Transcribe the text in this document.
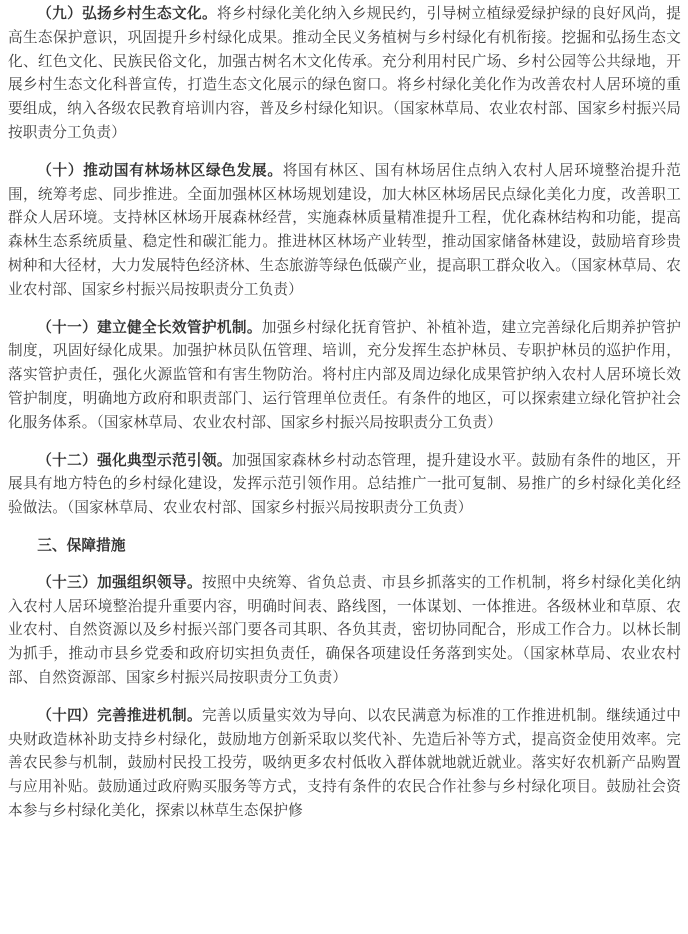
（九）弘扬乡村生态文化。将乡村绿化美化纳入乡规民约，引导树立植绿爱绿护绿的良好风尚，提高生态保护意识，巩固提升乡村绿化成果。推动全民义务植树与乡村绿化有机衔接。挖掘和弘扬生态文化、红色文化、民族民俗文化，加强古树名木文化传承。充分利用村民广场、乡村公园等公共绿地，开展乡村生态文化科普宣传，打造生态文化展示的绿色窗口。将乡村绿化美化作为改善农村人居环境的重要组成，纳入各级农民教育培训内容，普及乡村绿化知识。（国家林草局、农业农村部、国家乡村振兴局按职责分工负责）

（十）推动国有林场林区绿色发展。将国有林区、国有林场居住点纳入农村人居环境整治提升范围，统筹考虑、同步推进。全面加强林区林场规划建设，加大林区林场居民点绿化美化力度，改善职工群众人居环境。支持林区林场开展森林经营，实施森林质量精准提升工程，优化森林结构和功能，提高森林生态系统质量、稳定性和碳汇能力。推进林区林场产业转型，推动国家储备林建设，鼓励培育珍贵树种和大径材，大力发展特色经济林、生态旅游等绿色低碳产业，提高职工群众收入。（国家林草局、农业农村部、国家乡村振兴局按职责分工负责）

（十一）建立健全长效管护机制。加强乡村绿化抚育管护、补植补造，建立完善绿化后期养护管护制度，巩固好绿化成果。加强护林员队伍管理、培训，充分发挥生态护林员、专职护林员的巡护作用，落实管护责任，强化火源监管和有害生物防治。将村庄内部及周边绿化成果管护纳入农村人居环境长效管护制度，明确地方政府和职责部门、运行管理单位责任。有条件的地区，可以探索建立绿化管护社会化服务体系。（国家林草局、农业农村部、国家乡村振兴局按职责分工负责）

（十二）强化典型示范引领。加强国家森林乡村动态管理，提升建设水平。鼓励有条件的地区，开展具有地方特色的乡村绿化建设，发挥示范引领作用。总结推广一批可复制、易推广的乡村绿化美化经验做法。（国家林草局、农业农村部、国家乡村振兴局按职责分工负责）

三、保障措施

（十三）加强组织领导。按照中央统筹、省负总责、市县乡抓落实的工作机制，将乡村绿化美化纳入农村人居环境整治提升重要内容，明确时间表、路线图，一体谋划、一体推进。各级林业和草原、农业农村、自然资源以及乡村振兴部门要各司其职、各负其责，密切协同配合，形成工作合力。以林长制为抓手，推动市县乡党委和政府切实担负责任，确保各项建设任务落到实处。（国家林草局、农业农村部、自然资源部、国家乡村振兴局按职责分工负责）

（十四）完善推进机制。完善以质量实效为导向、以农民满意为标准的工作推进机制。继续通过中央财政造林补助支持乡村绿化，鼓励地方创新采取以奖代补、先造后补等方式，提高资金使用效率。完善农民参与机制，鼓励村民投工投劳，吸纳更多农村低收入群体就地就近就业。落实好农机新产品购置与应用补贴。鼓励通过政府购买服务等方式，支持有条件的农民合作社参与乡村绿化项目。鼓励社会资本参与乡村绿化美化，探索以林草生态保护修
